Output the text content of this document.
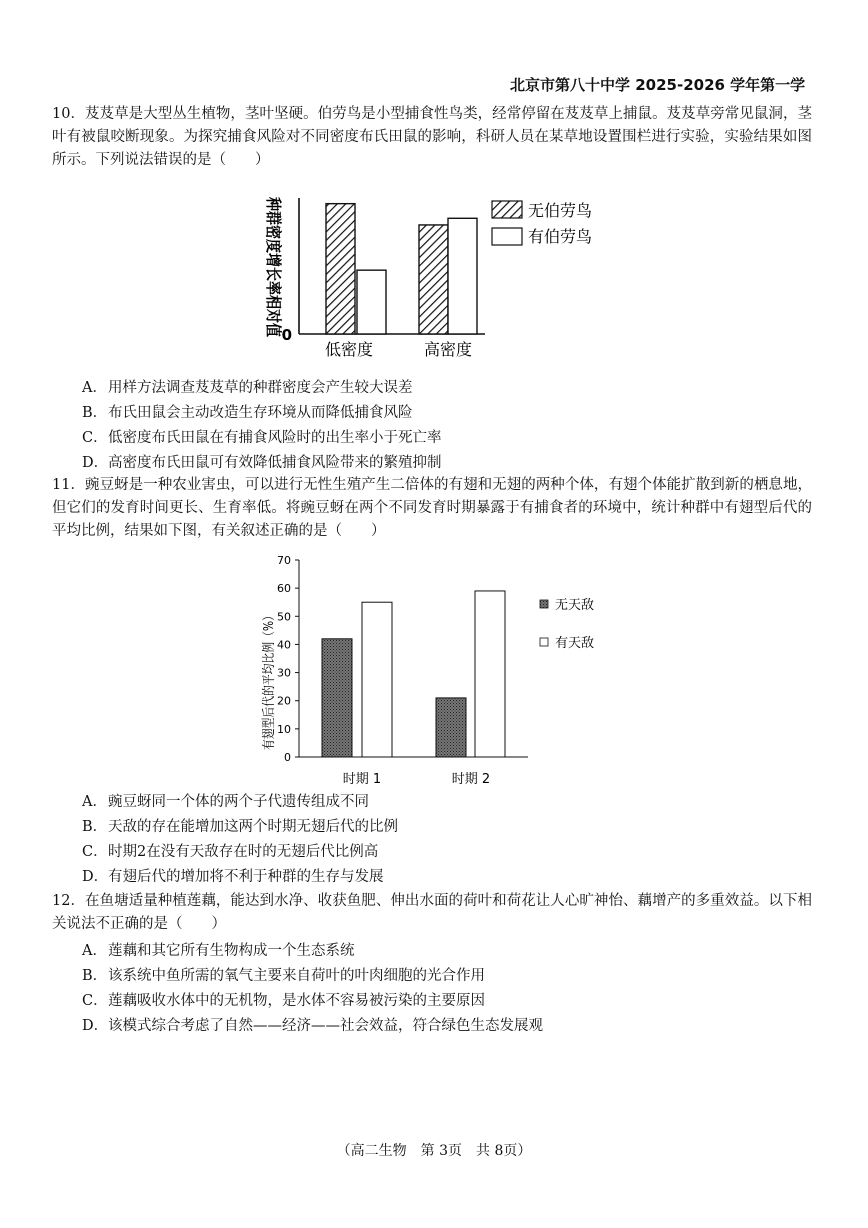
北京市第八十中学 2025-2026 学年第一学
10．芨芨草是大型丛生植物，茎叶坚硬。伯劳鸟是小型捕食性鸟类，经常停留在芨芨草上捕鼠。芨芨草旁常见鼠洞，茎叶有被鼠咬断现象。为探究捕食风险对不同密度布氏田鼠的影响，科研人员在某草地设置围栏进行实验，实验结果如图所示。下列说法错误的是（　　）
0
低密度	高密度
种群密度增长率相对值	无伯劳鸟
有伯劳鸟
A．用样方法调查芨芨草的种群密度会产生较大误差
B．布氏田鼠会主动改造生存环境从而降低捕食风险
C．低密度布氏田鼠在有捕食风险时的出生率小于死亡率
D．高密度布氏田鼠可有效降低捕食风险带来的繁殖抑制
11．豌豆蚜是一种农业害虫，可以进行无性生殖产生二倍体的有翅和无翅的两种个体，有翅个体能扩散到新的栖息地，但它们的发育时间更长、生育率低。将豌豆蚜在两个不同发育时期暴露于有捕食者的环境中，统计种群中有翅型后代的平均比例，结果如下图，有关叙述正确的是（　　）
0
10
20
30
40
50
60
70
时期 1	时期 2
有翅型后代的平均比例（%）	无天敌
有天敌
A．豌豆蚜同一个体的两个子代遗传组成不同
B．天敌的存在能增加这两个时期无翅后代的比例
C．时期2在没有天敌存在时的无翅后代比例高
D．有翅后代的增加将不利于种群的生存与发展
12．在鱼塘适量种植莲藕，能达到水净、收获鱼肥、伸出水面的荷叶和荷花让人心旷神怡、藕增产的多重效益。以下相关说法不正确的是（　　）
A．莲藕和其它所有生物构成一个生态系统
B．该系统中鱼所需的氧气主要来自荷叶的叶肉细胞的光合作用
C．莲藕吸收水体中的无机物，是水体不容易被污染的主要原因
D．该模式综合考虑了自然——经济——社会效益，符合绿色生态发展观
（高二生物　第 3页　共 8页）
